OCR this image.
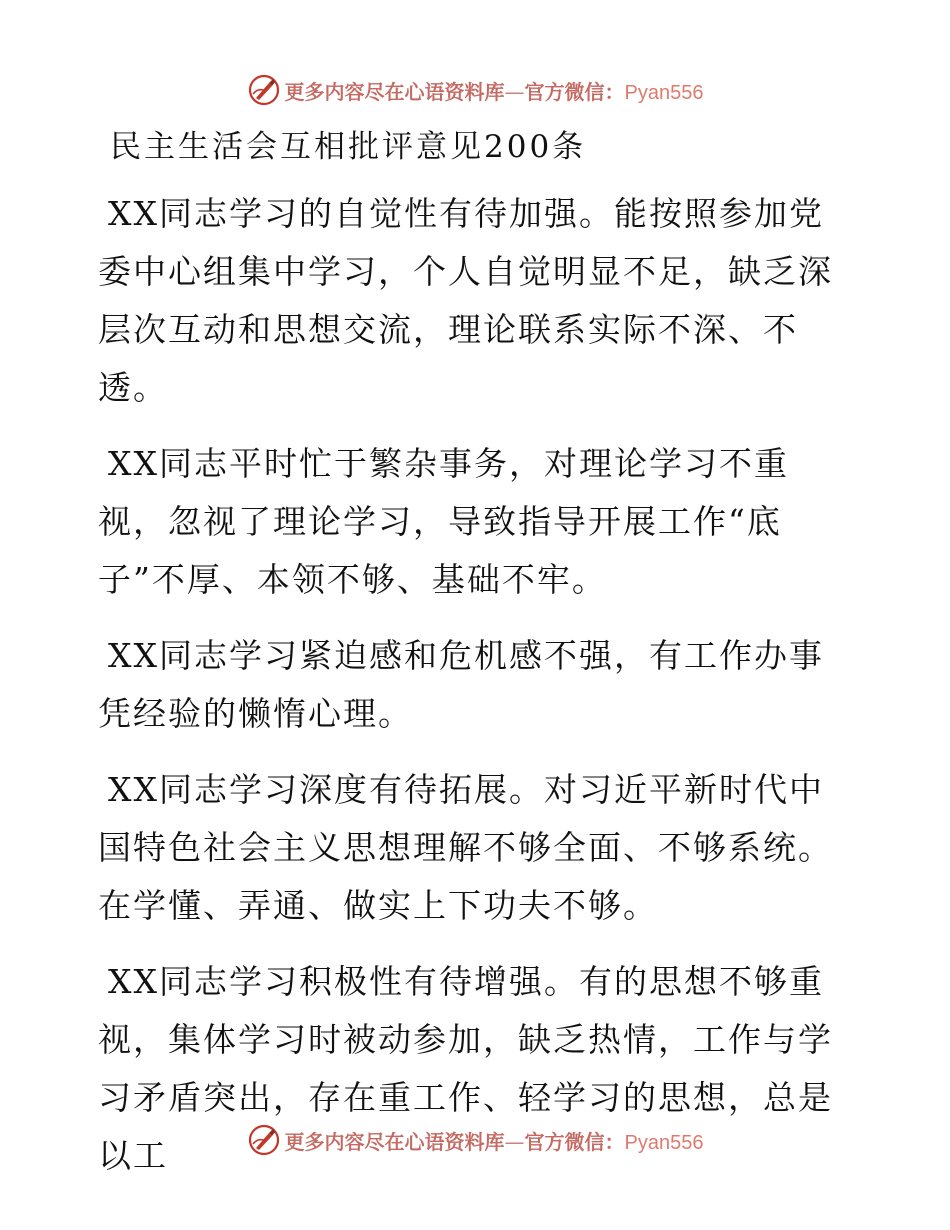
更多内容尽在心语资料库—官方微信：Pyan556
民主生活会互相批评意见200条

XX同志学习的自觉性有待加强。能按照参加党委中心组集中学习，个人自觉明显不足，缺乏深层次互动和思想交流，理论联系实际不深、不透。

XX同志平时忙于繁杂事务，对理论学习不重视，忽视了理论学习，导致指导开展工作“底子”不厚、本领不够、基础不牢。

XX同志学习紧迫感和危机感不强，有工作办事凭经验的懒惰心理。

XX同志学习深度有待拓展。对习近平新时代中国特色社会主义思想理解不够全面、不够系统。在学懂、弄通、做实上下功夫不够。

XX同志学习积极性有待增强。有的思想不够重视，集体学习时被动参加，缺乏热情，工作与学习矛盾突出，存在重工作、轻学习的思想，总是以工	更多内容尽在心语资料库—官方微信：Pyan556
